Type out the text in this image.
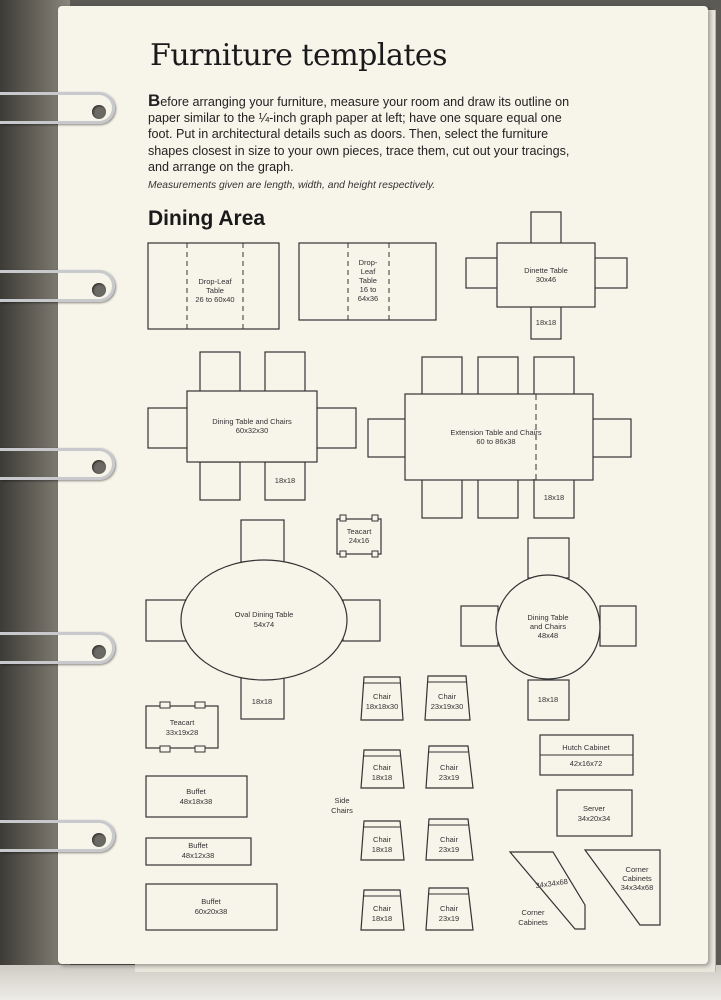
Furniture templates

Before arranging your furniture, measure your room and draw its outline on paper similar to the ¼-inch graph paper at left; have one square equal one foot. Put in architectural details such as doors. Then, select the furniture shapes closest in size to your own pieces, trace them, cut out your tracings, and arrange on the graph.

Measurements given are length, width, and height respectively.

Dining Area
Drop-Leaf Table 26 to 60x40
Drop-Leaf Table 16 to 64x36
Dinette Table 30x46
18x18
Dining Table and Chairs 60x32x30
18x18
Extension Table and Chairs 60 to 86x38
18x18
Teacart 24x16
Oval Dining Table 54x74
18x18
Dining Table and Chairs 48x48
18x18
Chair 18x18x30
Chair 23x19x30
Teacart 33x19x28
Hutch Cabinet
42x16x72
Chair 18x18
Chair 23x19
Buffet 48x18x38	Side Chairs	Server 34x20x34
Chair 18x18
Chair 23x19
Buffet 48x12x38
34x34x68
Corner Cabinets 34x34x68
Corner Cabinets
Buffet 60x20x38	Chair 18x18
Chair 23x19
